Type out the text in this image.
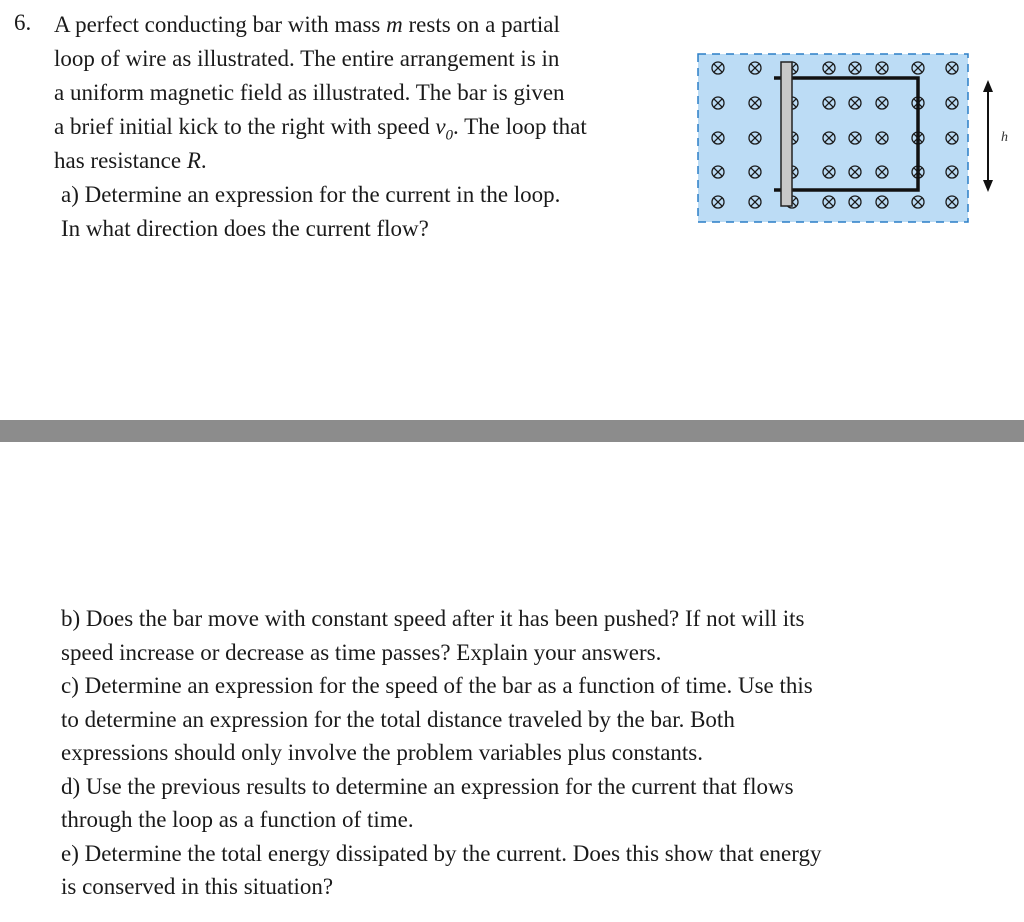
6. A perfect conducting bar with mass m rests on a partial
loop of wire as illustrated. The entire arrangement is in
a uniform magnetic field as illustrated. The bar is given
a brief initial kick to the right with speed $v_0$. The loop that
has resistance R.
a) Determine an expression for the current in the loop.
In what direction does the current flow?
h
b) Does the bar move with constant speed after it has been pushed? If not will its
speed increase or decrease as time passes? Explain your answers.
c) Determine an expression for the speed of the bar as a function of time. Use this
to determine an expression for the total distance traveled by the bar. Both
expressions should only involve the problem variables plus constants.
d) Use the previous results to determine an expression for the current that flows
through the loop as a function of time.
e) Determine the total energy dissipated by the current. Does this show that energy
is conserved in this situation?
